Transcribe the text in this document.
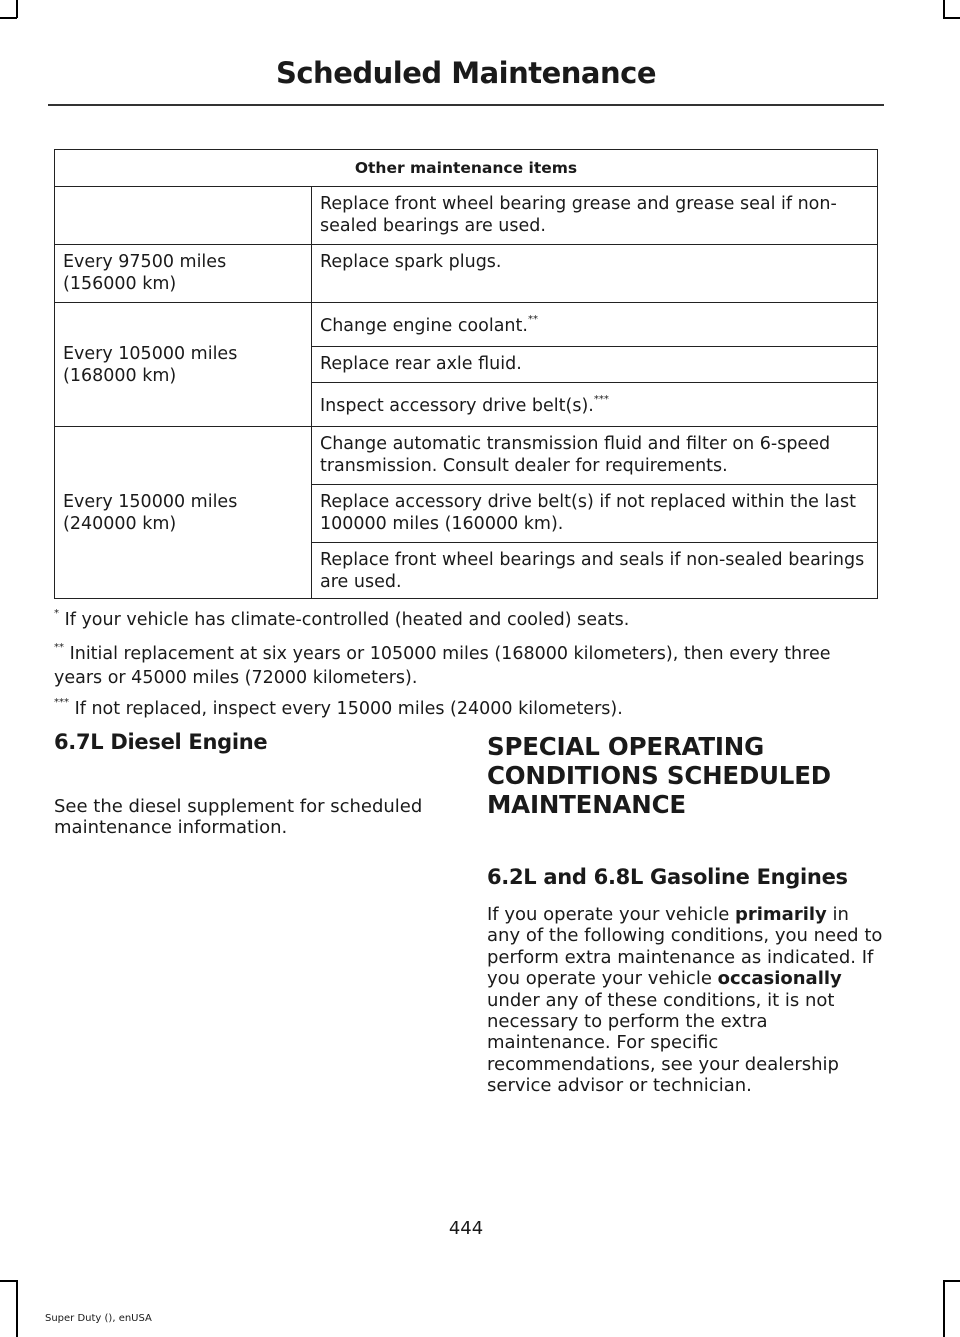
Scheduled Maintenance
Other maintenance items	
	Replace front wheel bearing grease and grease seal if non-sealed bearings are used.
Every 97500 miles (156000 km)	Replace spark plugs.
Every 105000 miles (168000 km)	Change engine coolant.**
	Replace rear axle fluid.
	Inspect accessory drive belt(s).***
Every 150000 miles (240000 km)	Change automatic transmission fluid and filter on 6-speed transmission. Consult dealer for requirements.
	Replace accessory drive belt(s) if not replaced within the last 100000 miles (160000 km).
	Replace front wheel bearings and seals if non-sealed bearings are used.
* If your vehicle has climate-controlled (heated and cooled) seats.
** Initial replacement at six years or 105000 miles (168000 kilometers), then every three years or 45000 miles (72000 kilometers).
*** If not replaced, inspect every 15000 miles (24000 kilometers).
6.7L Diesel Engine
See the diesel supplement for scheduled maintenance information.
SPECIAL OPERATING
CONDITIONS SCHEDULED
MAINTENANCE
6.2L and 6.8L Gasoline Engines
If you operate your vehicle primarily in any of the following conditions, you need to perform extra maintenance as indicated. If you operate your vehicle occasionally under any of these conditions, it is not necessary to perform the extra maintenance. For specific recommendations, see your dealership service advisor or technician.
444
Super Duty (), enUSA
